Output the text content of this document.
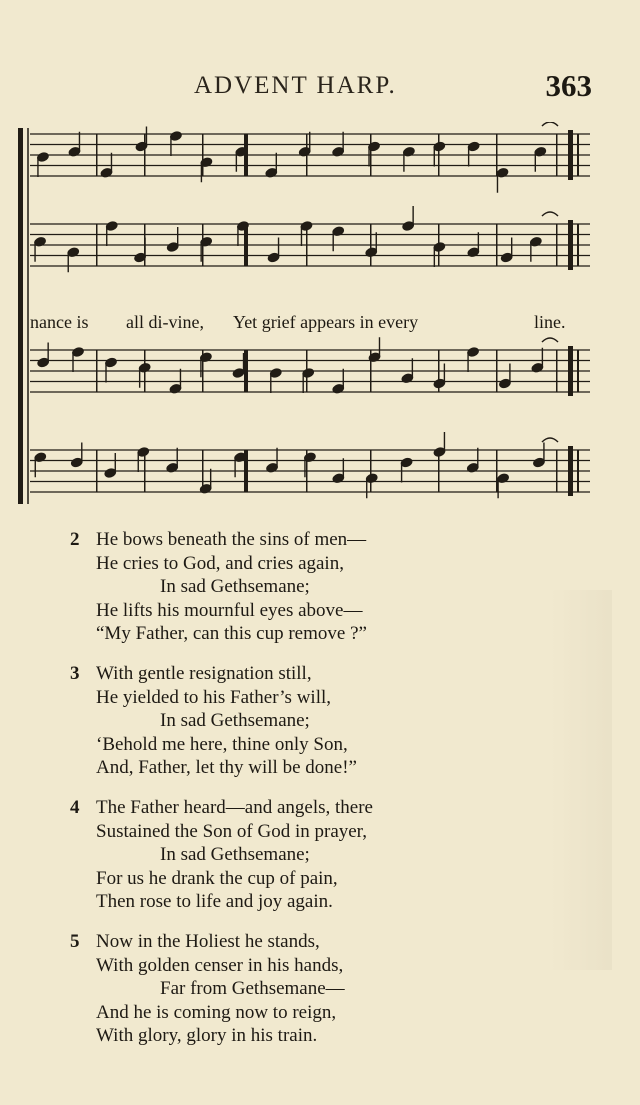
ADVENT HARP.	363
nance is all di-vine, Yet grief appears in every	line.
2 He bows beneath the sins of men—
He cries to God, and cries again,
In sad Gethsemane;
He lifts his mournful eyes above—
“My Father, can this cup remove ?”
3 With gentle resignation still,
He yielded to his Father’s will,
In sad Gethsemane;
‘Behold me here, thine only Son,
And, Father, let thy will be done!”
4 The Father heard—and angels, there
Sustained the Son of God in prayer,
In sad Gethsemane;
For us he drank the cup of pain,
Then rose to life and joy again.
5 Now in the Holiest he stands,
With golden censer in his hands,
Far from Gethsemane—
And he is coming now to reign,
With glory, glory in his train.
